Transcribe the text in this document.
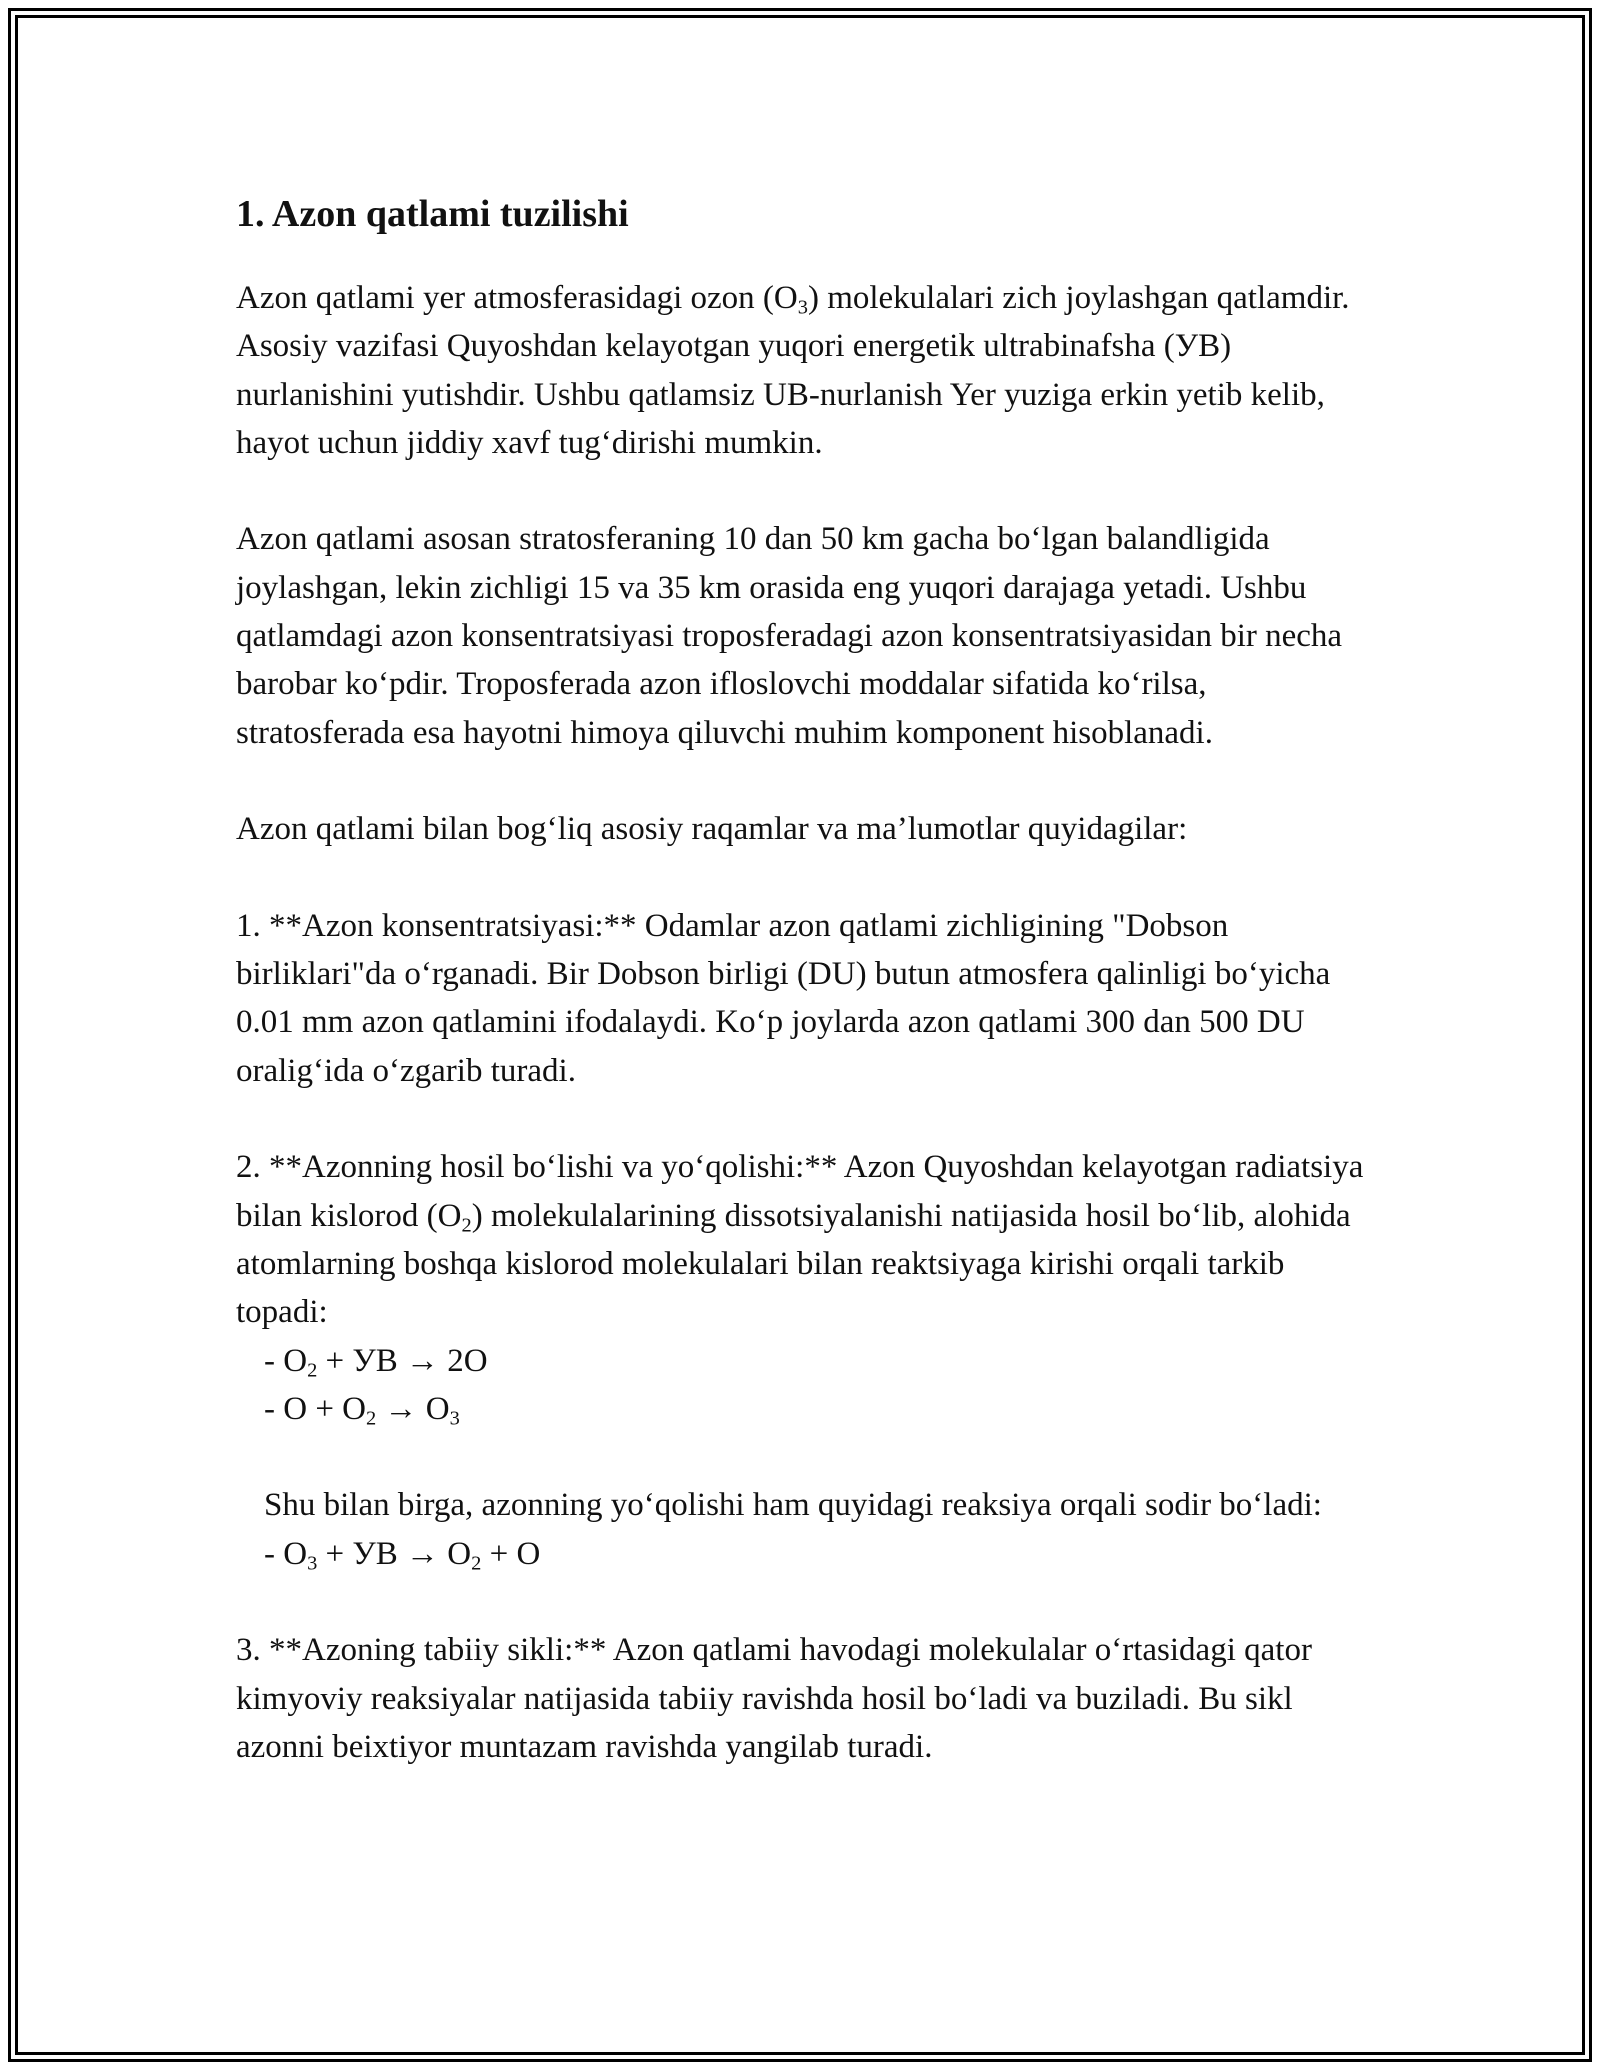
1. Azon qatlami tuzilishi

Azon qatlami yer atmosferasidagi ozon $(O_3)$ molekulalari zich joylashgan qatlamdir. Asosiy vazifasi Quyoshdan kelayotgan yuqori energetik ultrabinafsha (УВ) nurlanishini yutishdir. Ushbu qatlamsiz UB-nurlanish Yer yuziga erkin yetib kelib, hayot uchun jiddiy xavf tug‘dirishi mumkin.

Azon qatlami asosan stratosferaning 10 dan 50 km gacha bo‘lgan balandligida joylashgan, lekin zichligi 15 va 35 km orasida eng yuqori darajaga yetadi. Ushbu qatlamdagi azon konsentratsiyasi troposferadagi azon konsentratsiyasidan bir necha barobar ko‘pdir. Troposferada azon ifloslovchi moddalar sifatida ko‘rilsa, stratosferada esa hayotni himoya qiluvchi muhim komponent hisoblanadi.

Azon qatlami bilan bog‘liq asosiy raqamlar va ma’lumotlar quyidagilar:

1. **Azon konsentratsiyasi:** Odamlar azon qatlami zichligining "Dobson birliklari"da o‘rganadi. Bir Dobson birligi (DU) butun atmosfera qalinligi bo‘yicha 0.01 mm azon qatlamini ifodalaydi. Ko‘p joylarda azon qatlami 300 dan 500 DU oralig‘ida o‘zgarib turadi.

2. **Azonning hosil bo‘lishi va yo‘qolishi:** Azon Quyoshdan kelayotgan radiatsiya bilan kislorod $(O_2)$ molekulalarining dissotsiyalanishi natijasida hosil bo‘lib, alohida atomlarning boshqa kislorod molekulalari bilan reaktsiyaga kirishi orqali tarkib topadi:

- $O_2$ + УВ → 2O

- $O + O_2 \to O_3$

Shu bilan birga, azonning yo‘qolishi ham quyidagi reaksiya orqali sodir bo‘ladi:

- $O_3$ + УВ → $O_2 + O$

3. **Azoning tabiiy sikli:** Azon qatlami havodagi molekulalar o‘rtasidagi qator kimyoviy reaksiyalar natijasida tabiiy ravishda hosil bo‘ladi va buziladi. Bu sikl azonni beixtiyor muntazam ravishda yangilab turadi.
